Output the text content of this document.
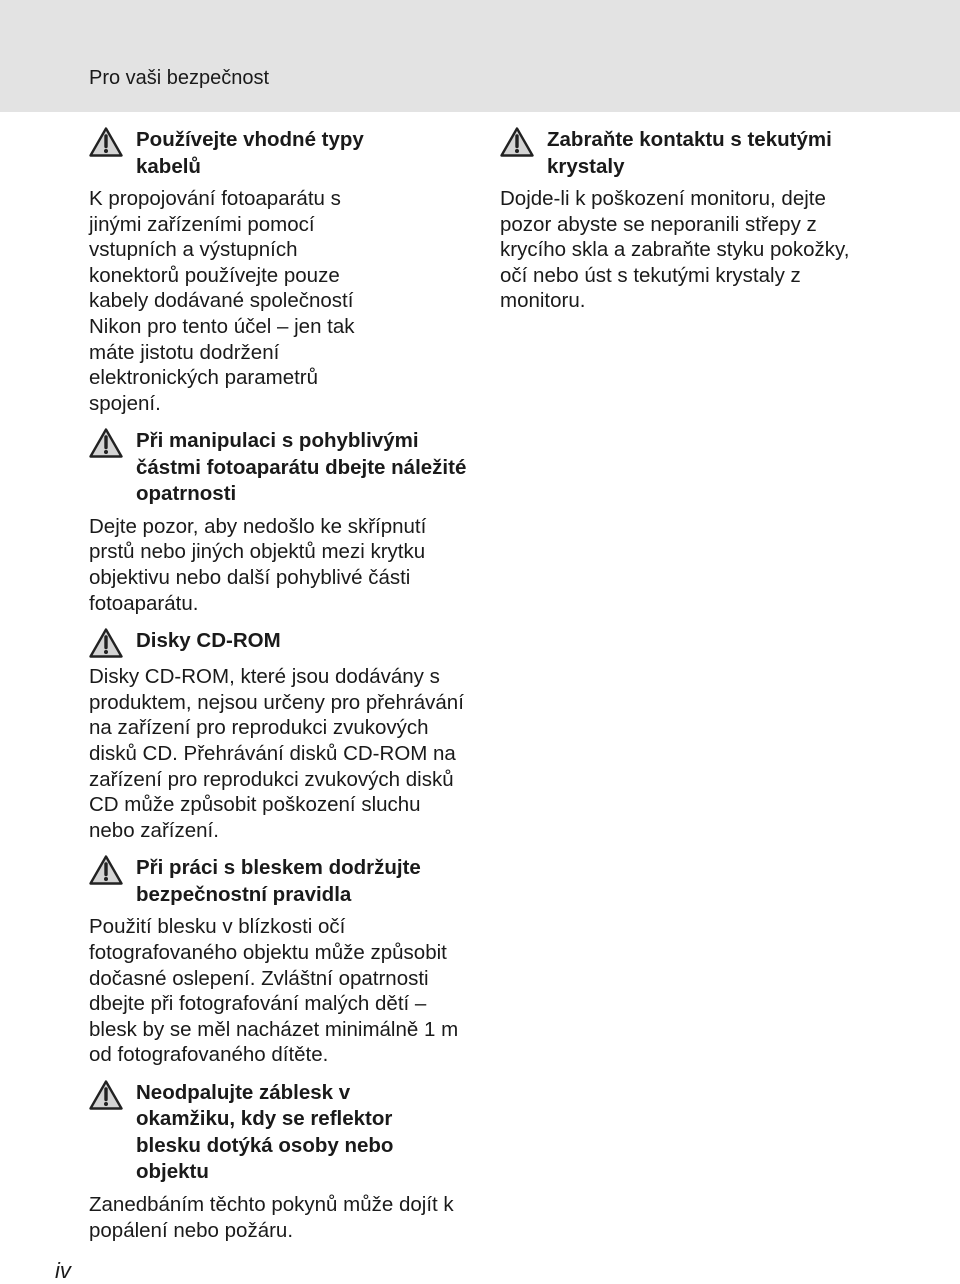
Pro vaši bezpečnost
Používejte vhodné typy kabelů
K propojování fotoaparátu s jinými zařízeními pomocí vstupních a výstupních konektorů používejte pouze kabely dodávané společností Nikon pro tento účel – jen tak máte jistotu dodržení elektronických parametrů spojení.
Při manipulaci s pohyblivými částmi fotoaparátu dbejte náležité opatrnosti
Dejte pozor, aby nedošlo ke skřípnutí prstů nebo jiných objektů mezi krytku objektivu nebo další pohyblivé části fotoaparátu.
Disky CD-ROM
Disky CD-ROM, které jsou dodávány s produktem, nejsou určeny pro přehrávání na zařízení pro reprodukci zvukových disků CD. Přehrávání disků CD-ROM na zařízení pro reprodukci zvukových disků CD může způsobit poškození sluchu nebo zařízení.
Při práci s bleskem dodržujte bezpečnostní pravidla
Použití blesku v blízkosti očí fotografovaného objektu může způsobit dočasné oslepení. Zvláštní opatrnosti dbejte při fotografování malých dětí – blesk by se měl nacházet minimálně 1 m od fotografovaného dítěte.
Neodpalujte záblesk v okamžiku, kdy se reflektor blesku dotýká osoby nebo objektu
Zanedbáním těchto pokynů může dojít k popálení nebo požáru.
Zabraňte kontaktu s tekutými krystaly
Dojde-li k poškození monitoru, dejte pozor abyste se neporanili střepy z krycího skla a zabraňte styku pokožky, očí nebo úst s tekutými krystaly z monitoru.
iv
